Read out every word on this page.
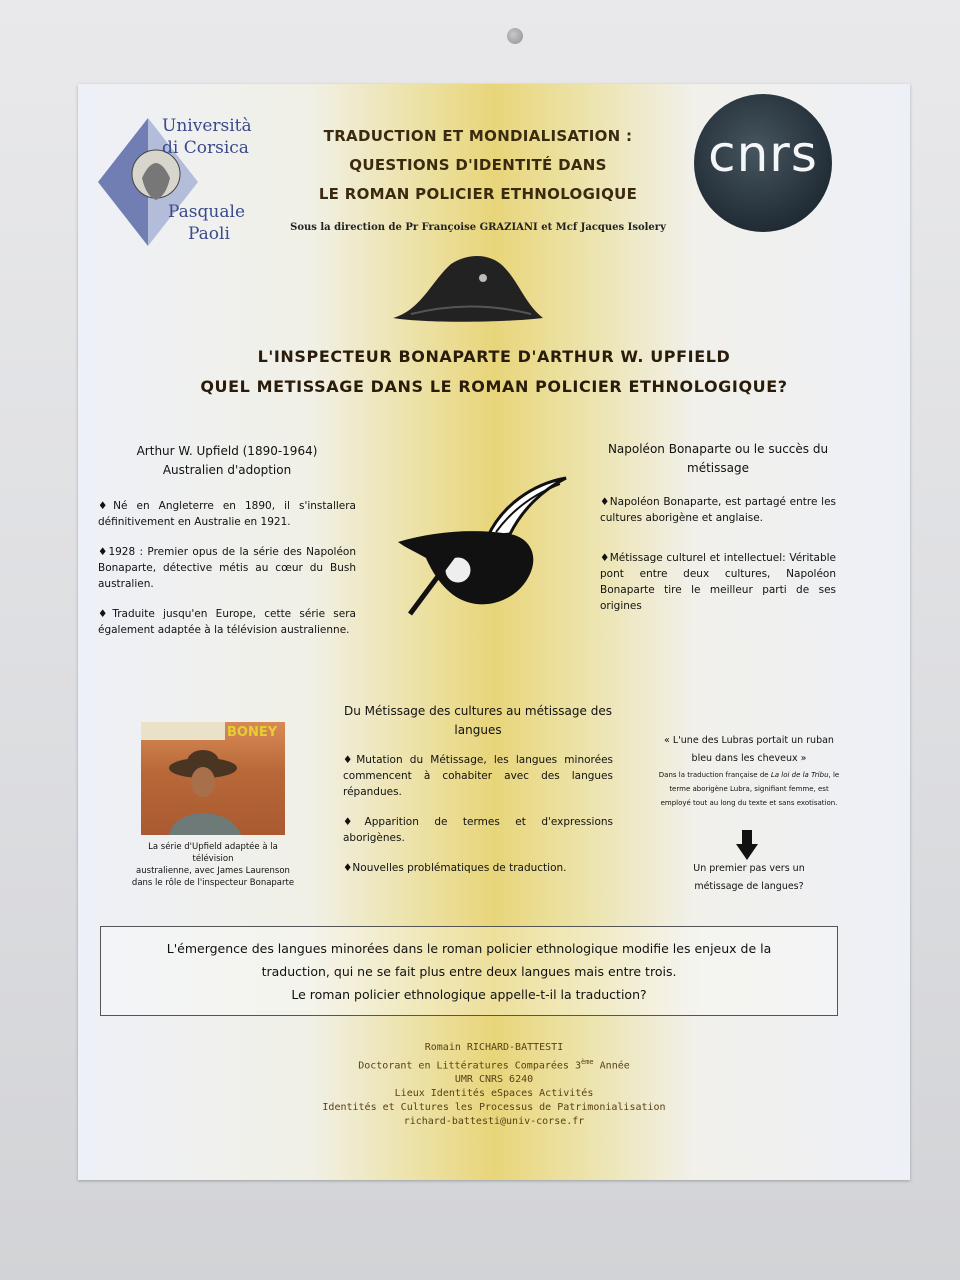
Università
di Corsica
Pasquale
Paoli
TRADUCTION ET MONDIALISATION :
QUESTIONS D'IDENTITÉ DANS
LE ROMAN POLICIER ETHNOLOGIQUE
Sous la direction de Pr Françoise GRAZIANI et Mcf Jacques Isolery
cnrs
L'INSPECTEUR BONAPARTE D'ARTHUR W. UPFIELD
QUEL METISSAGE DANS LE ROMAN POLICIER ETHNOLOGIQUE?
Arthur W. Upfield (1890-1964)
Australien d'adoption
♦Né en Angleterre en 1890, il s'installera définitivement en Australie en 1921.
♦1928 : Premier opus de la série des Napoléon Bonaparte, détective métis au cœur du Bush australien.
♦Traduite jusqu'en Europe, cette série sera également adaptée à la télévision australienne.
Napoléon Bonaparte ou le succès du métissage
♦Napoléon Bonaparte, est partagé entre les cultures aborigène et anglaise.
♦Métissage culturel et intellectuel: Véritable pont entre deux cultures, Napoléon Bonaparte tire le meilleur parti de ses origines
BONEY
La série d'Upfield adaptée à la télévision
australienne, avec James Laurenson
dans le rôle de l'inspecteur Bonaparte
Du Métissage des cultures au métissage des langues
♦Mutation du Métissage, les langues minorées commencent à cohabiter avec des langues répandues.
♦Apparition de termes et d'expressions aborigènes.
♦Nouvelles problématiques de traduction.
« L'une des Lubras portait un ruban bleu dans les cheveux »
Dans la traduction française de La loi de la Tribu, le terme aborigène Lubra, signifiant femme, est employé tout au long du texte et sans exotisation.
Un premier pas vers un métissage de langues?
L'émergence des langues minorées dans le roman policier ethnologique modifie les enjeux de la
traduction, qui ne se fait plus entre deux langues mais entre trois.
Le roman policier ethnologique appelle-t-il la traduction?
Romain RICHARD-BATTESTI
Doctorant en Littératures Comparées 3ème Année
UMR CNRS 6240
Lieux Identités eSpaces Activités
Identités et Cultures les Processus de Patrimonialisation
richard-battesti@univ-corse.fr
